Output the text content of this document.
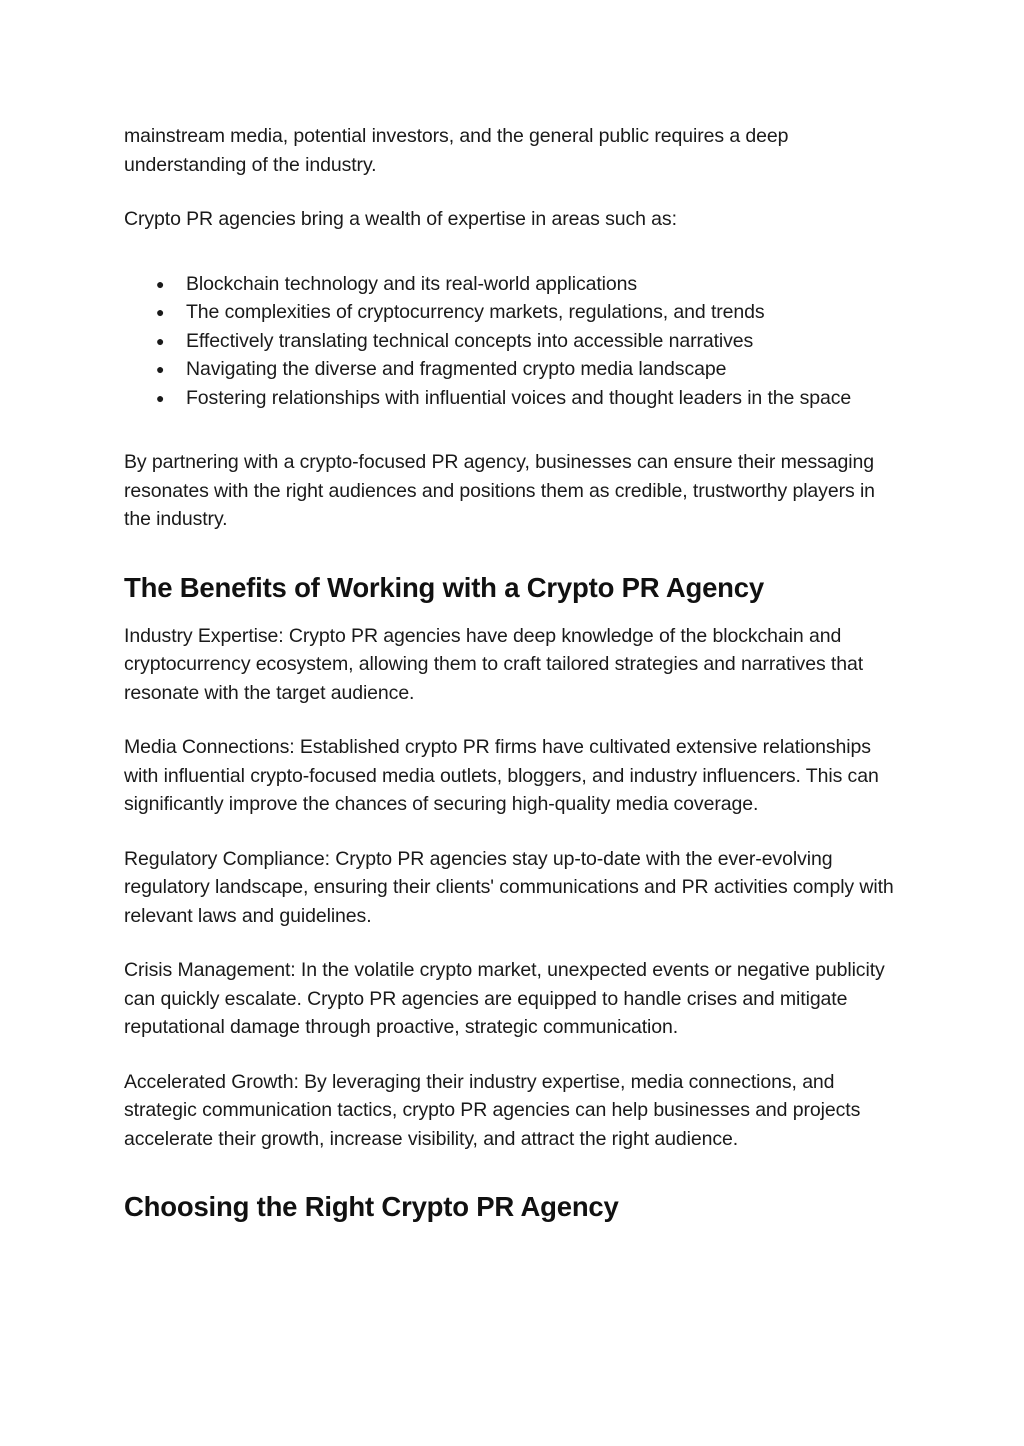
mainstream media, potential investors, and the general public requires a deep understanding of the industry.

Crypto PR agencies bring a wealth of expertise in areas such as:

● Blockchain technology and its real-world applications
● The complexities of cryptocurrency markets, regulations, and trends
● Effectively translating technical concepts into accessible narratives
● Navigating the diverse and fragmented crypto media landscape
● Fostering relationships with influential voices and thought leaders in the space

By partnering with a crypto-focused PR agency, businesses can ensure their messaging resonates with the right audiences and positions them as credible, trustworthy players in the industry.

The Benefits of Working with a Crypto PR Agency

Industry Expertise: Crypto PR agencies have deep knowledge of the blockchain and cryptocurrency ecosystem, allowing them to craft tailored strategies and narratives that resonate with the target audience.

Media Connections: Established crypto PR firms have cultivated extensive relationships with influential crypto-focused media outlets, bloggers, and industry influencers. This can significantly improve the chances of securing high-quality media coverage.

Regulatory Compliance: Crypto PR agencies stay up-to-date with the ever-evolving regulatory landscape, ensuring their clients' communications and PR activities comply with relevant laws and guidelines.

Crisis Management: In the volatile crypto market, unexpected events or negative publicity can quickly escalate. Crypto PR agencies are equipped to handle crises and mitigate reputational damage through proactive, strategic communication.

Accelerated Growth: By leveraging their industry expertise, media connections, and strategic communication tactics, crypto PR agencies can help businesses and projects accelerate their growth, increase visibility, and attract the right audience.

Choosing the Right Crypto PR Agency
